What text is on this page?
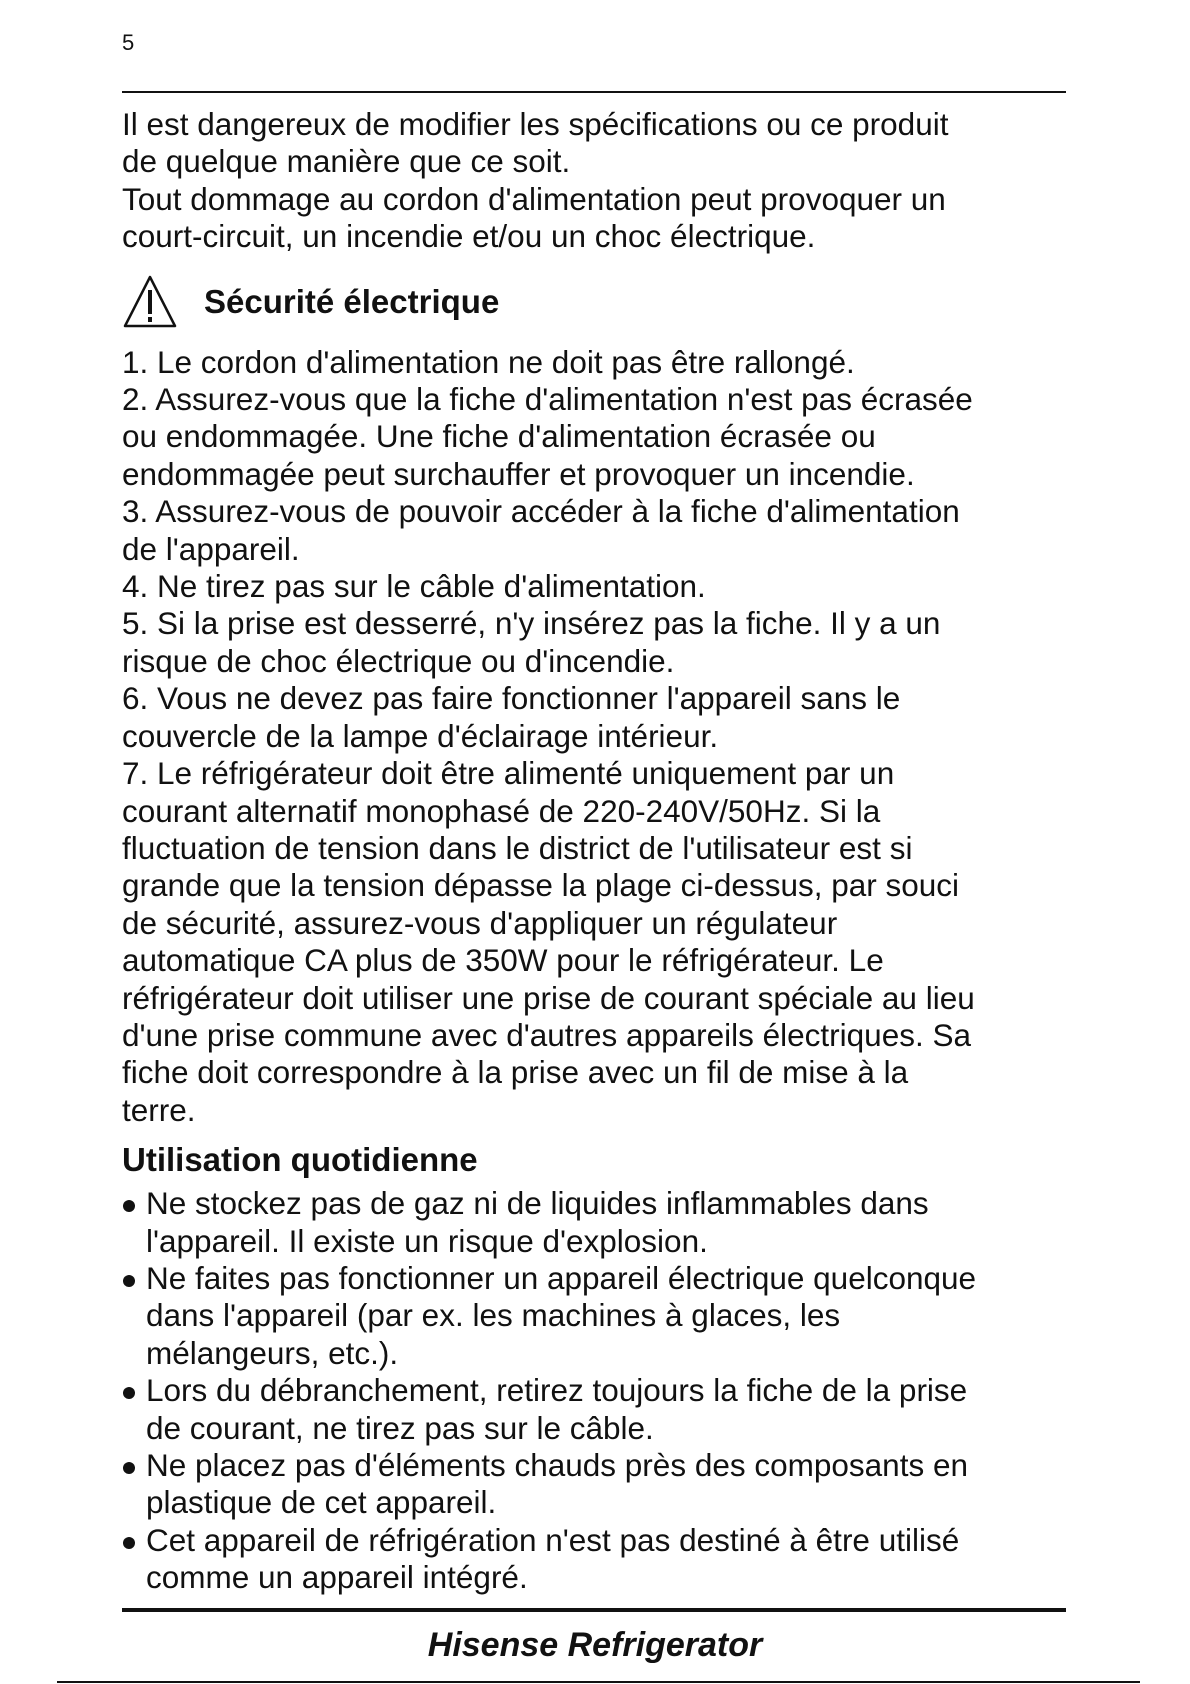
5
Il est dangereux de modifier les spécifications ou ce produit
de quelque manière que ce soit.
Tout dommage au cordon d'alimentation peut provoquer un
court-circuit, un incendie et/ou un choc électrique.
Sécurité électrique
1. Le cordon d'alimentation ne doit pas être rallongé.
2. Assurez-vous que la fiche d'alimentation n'est pas écrasée
ou endommagée. Une fiche d'alimentation écrasée ou
endommagée peut surchauffer et provoquer un incendie.
3. Assurez-vous de pouvoir accéder à la fiche d'alimentation
de l'appareil.
4. Ne tirez pas sur le câble d'alimentation.
5. Si la prise est desserré, n'y insérez pas la fiche. Il y a un
risque de choc électrique ou d'incendie.
6. Vous ne devez pas faire fonctionner l'appareil sans le
couvercle de la lampe d'éclairage intérieur.
7. Le réfrigérateur doit être alimenté uniquement par un
courant alternatif monophasé de 220-240V/50Hz. Si la
fluctuation de tension dans le district de l'utilisateur est si
grande que la tension dépasse la plage ci-dessus, par souci
de sécurité, assurez-vous d'appliquer un régulateur
automatique CA plus de 350W pour le réfrigérateur. Le
réfrigérateur doit utiliser une prise de courant spéciale au lieu
d'une prise commune avec d'autres appareils électriques. Sa
fiche doit correspondre à la prise avec un fil de mise à la
terre.
Utilisation quotidienne
Ne stockez pas de gaz ni de liquides inflammables dans
l'appareil. Il existe un risque d'explosion.
Ne faites pas fonctionner un appareil électrique quelconque
dans l'appareil (par ex. les machines à glaces, les
mélangeurs, etc.).
Lors du débranchement, retirez toujours la fiche de la prise
de courant, ne tirez pas sur le câble.
Ne placez pas d'éléments chauds près des composants en
plastique de cet appareil.
Cet appareil de réfrigération n'est pas destiné à être utilisé
comme un appareil intégré.
Hisense Refrigerator
